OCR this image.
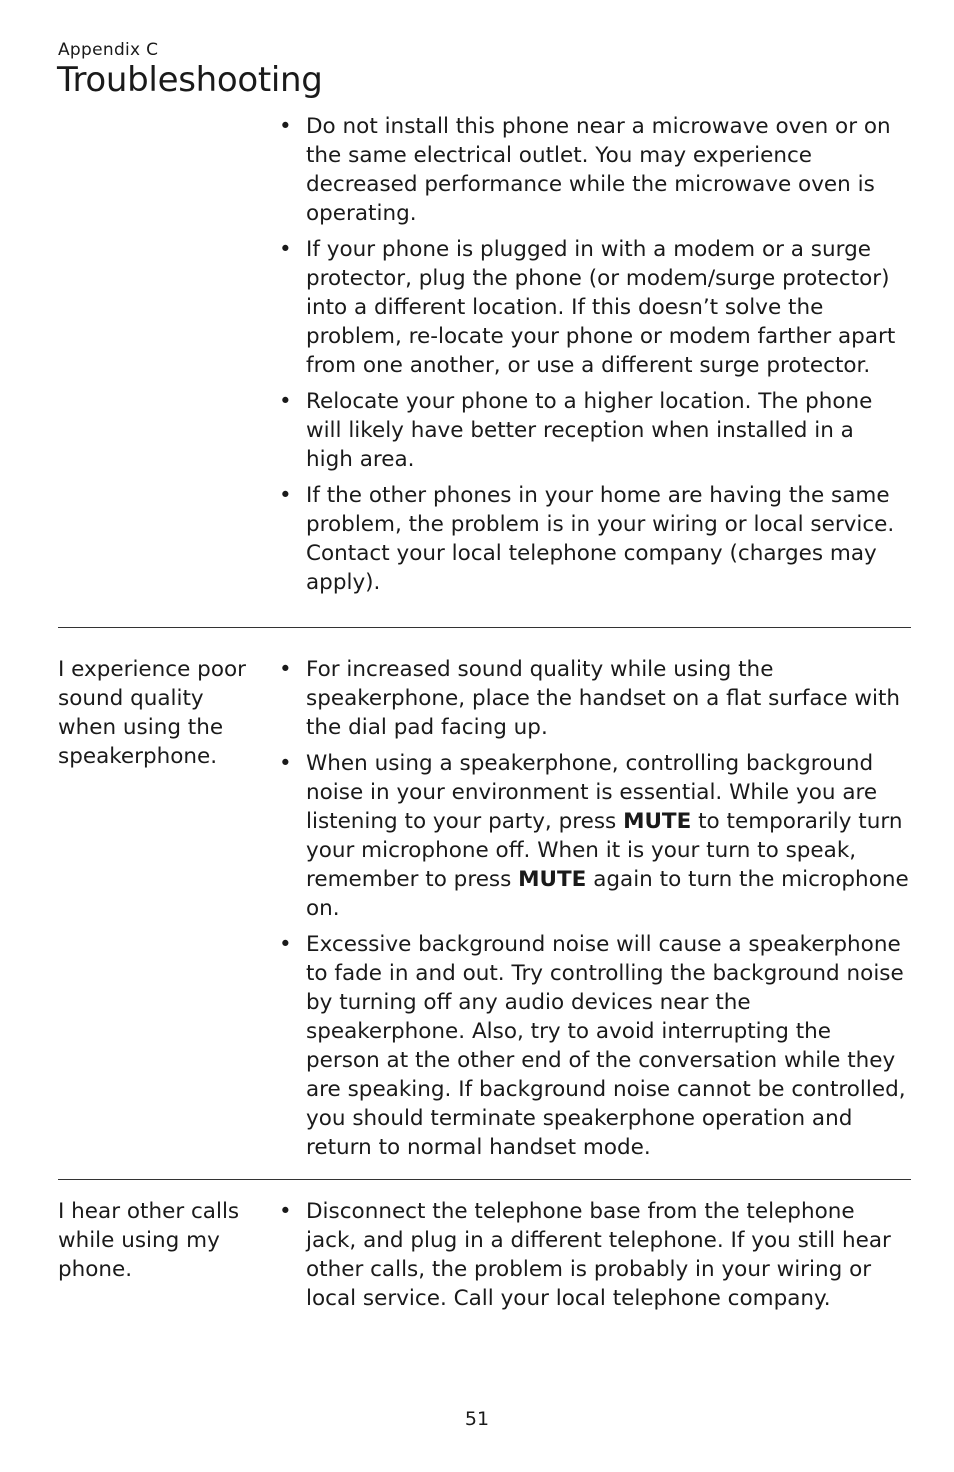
Appendix C
Troubleshooting
• Do not install this phone near a microwave oven or on the same electrical outlet. You may experience decreased performance while the microwave oven is operating.
• If your phone is plugged in with a modem or a surge protector, plug the phone (or modem/surge protector) into a different location. If this doesn’t solve the problem, re-locate your phone or modem farther apart from one another, or use a different surge protector.
• Relocate your phone to a higher location. The phone will likely have better reception when installed in a high area.
• If the other phones in your home are having the same problem, the problem is in your wiring or local service. Contact your local telephone company (charges may apply).
I experience poor sound quality when using the speakerphone.
• For increased sound quality while using the speakerphone, place the handset on a flat surface with the dial pad facing up.
• When using a speakerphone, controlling background noise in your environment is essential. While you are listening to your party, press MUTE to temporarily turn your microphone off. When it is your turn to speak, remember to press MUTE again to turn the microphone on.
• Excessive background noise will cause a speakerphone to fade in and out. Try controlling the background noise by turning off any audio devices near the speakerphone. Also, try to avoid interrupting the person at the other end of the conversation while they are speaking. If background noise cannot be controlled, you should terminate speakerphone operation and return to normal handset mode.
I hear other calls while using my phone.
• Disconnect the telephone base from the telephone jack, and plug in a different telephone. If you still hear other calls, the problem is probably in your wiring or local service. Call your local telephone company.
51
